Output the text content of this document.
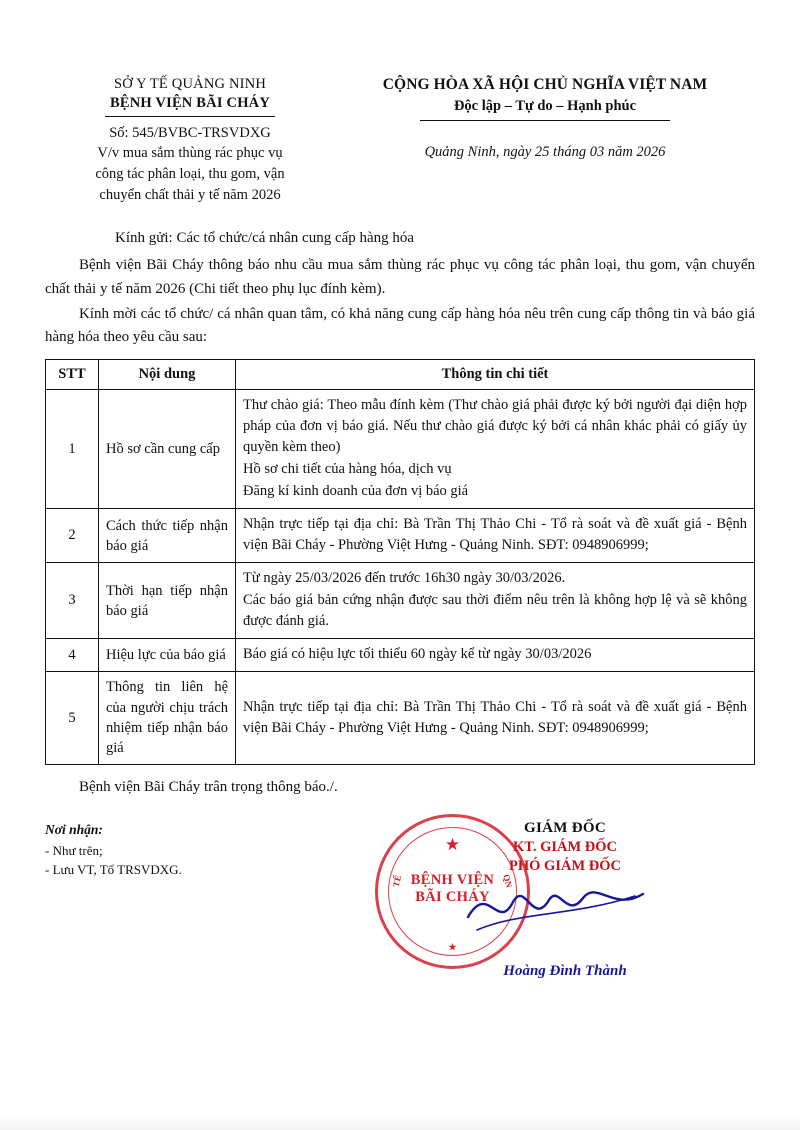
SỞ Y TẾ QUẢNG NINH
BỆNH VIỆN BÃI CHÁY
Số: 545/BVBC-TRSVDXG
V/v mua sắm thùng rác phục vụ
công tác phân loại, thu gom, vận
chuyển chất thải y tế năm 2026
CỘNG HÒA XÃ HỘI CHỦ NGHĨA VIỆT NAM
Độc lập – Tự do – Hạnh phúc
Quảng Ninh, ngày 25 tháng 03 năm 2026
Kính gửi: Các tổ chức/cá nhân cung cấp hàng hóa
Bệnh viện Bãi Cháy thông báo nhu cầu mua sắm thùng rác phục vụ công tác phân loại, thu gom, vận chuyển chất thải y tế năm 2026 (Chi tiết theo phụ lục đính kèm).
Kính mời các tổ chức/ cá nhân quan tâm, có khả năng cung cấp hàng hóa nêu trên cung cấp thông tin và báo giá hàng hóa theo yêu cầu sau:
STT	Nội dung	Thông tin chi tiết
1	Hồ sơ cần cung cấp	Thư chào giá: Theo mẫu đính kèm (Thư chào giá phải được ký bởi người đại diện hợp pháp của đơn vị báo giá. Nếu thư chào giá được ký bởi cá nhân khác phải có giấy ủy quyền kèm theo)

Hồ sơ chi tiết của hàng hóa, dịch vụ

Đăng kí kinh doanh của đơn vị báo giá

2	Cách thức tiếp nhận báo giá	Nhận trực tiếp tại địa chỉ: Bà Trần Thị Thảo Chi - Tổ rà soát và đề xuất giá - Bệnh viện Bãi Cháy - Phường Việt Hưng - Quảng Ninh. SĐT: 0948906999;

3	Thời hạn tiếp nhận báo giá	Từ ngày 25/03/2026 đến trước 16h30 ngày 30/03/2026.

Các báo giá bản cứng nhận được sau thời điểm nêu trên là không hợp lệ và sẽ không được đánh giá.

4	Hiệu lực của báo giá	Báo giá có hiệu lực tối thiểu 60 ngày kể từ ngày 30/03/2026

5	Thông tin liên hệ của người chịu trách nhiệm tiếp nhận báo giá	Nhận trực tiếp tại địa chỉ: Bà Trần Thị Thảo Chi - Tổ rà soát và đề xuất giá - Bệnh viện Bãi Cháy - Phường Việt Hưng - Quảng Ninh. SĐT: 0948906999;

Bệnh viện Bãi Cháy trân trọng thông báo./.
Nơi nhận:
- Như trên;
- Lưu VT, Tổ TRSVDXG.
GIÁM ĐỐC
KT. GIÁM ĐỐC
PHÓ GIÁM ĐỐC
★
BỆNH VIỆN
BÃI CHÁY
TẾ	QN
★
Hoàng Đình Thành
